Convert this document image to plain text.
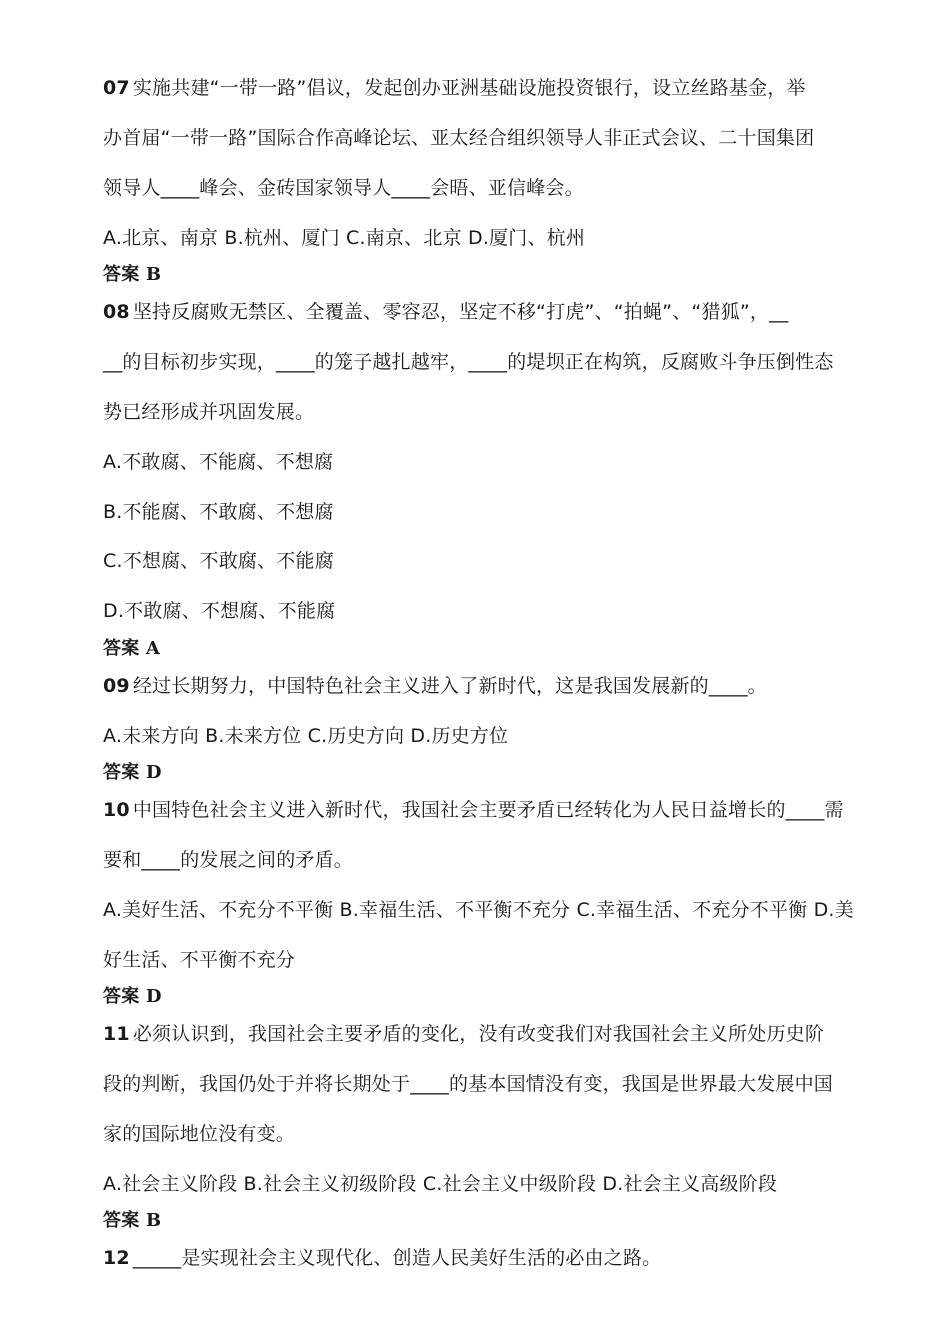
07 实施共建“一带一路”倡议，发起创办亚洲基础设施投资银行，设立丝路基金，举
办首届“一带一路”国际合作高峰论坛、亚太经合组织领导人非正式会议、二十国集团
领导人____峰会、金砖国家领导人____会晤、亚信峰会。
A.北京、南京 B.杭州、厦门 C.南京、北京 D.厦门、杭州
答案 B
08 坚持反腐败无禁区、全覆盖、零容忍，坚定不移“打虎”、“拍蝇”、“猎狐”，__
__的目标初步实现，____的笼子越扎越牢，____的堤坝正在构筑，反腐败斗争压倒性态
势已经形成并巩固发展。
A.不敢腐、不能腐、不想腐
B.不能腐、不敢腐、不想腐
C.不想腐、不敢腐、不能腐
D.不敢腐、不想腐、不能腐
答案 A
09 经过长期努力，中国特色社会主义进入了新时代，这是我国发展新的____。
A.未来方向 B.未来方位 C.历史方向 D.历史方位
答案 D
10 中国特色社会主义进入新时代，我国社会主要矛盾已经转化为人民日益增长的____需
要和____的发展之间的矛盾。
A.美好生活、不充分不平衡 B.幸福生活、不平衡不充分 C.幸福生活、不充分不平衡 D.美
好生活、不平衡不充分
答案 D
11 必须认识到，我国社会主要矛盾的变化，没有改变我们对我国社会主义所处历史阶
段的判断，我国仍处于并将长期处于____的基本国情没有变，我国是世界最大发展中国
家的国际地位没有变。
A.社会主义阶段 B.社会主义初级阶段 C.社会主义中级阶段 D.社会主义高级阶段
答案 B
12 _____是实现社会主义现代化、创造人民美好生活的必由之路。
